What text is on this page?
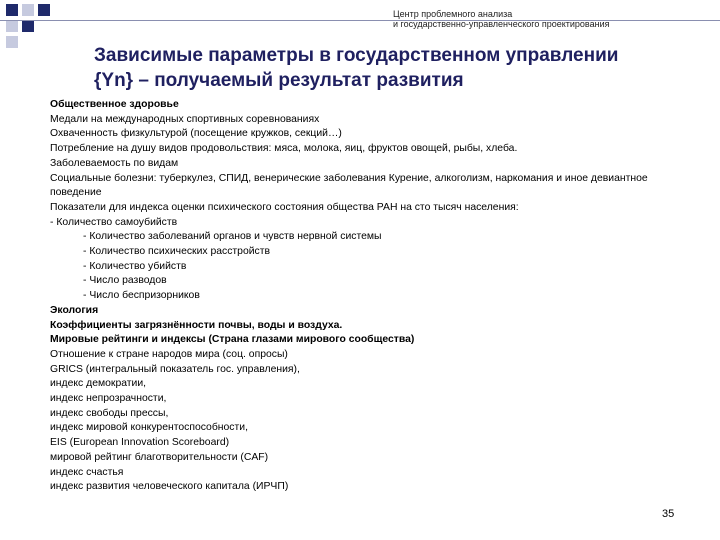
Центр проблемного анализа
и государственно-управленческого проектирования
Зависимые параметры в государственном управлении
{Yn} – получаемый результат развития
Общественное здоровье
Медали на международных спортивных соревнованиях
Охваченность физкультурой (посещение кружков, секций…)
Потребление на душу видов продовольствия: мяса, молока, яиц, фруктов овощей, рыбы, хлеба.
Заболеваемость по видам
Социальные болезни: туберкулез, СПИД, венерические заболевания Курение, алкоголизм, наркомания и иное девиантное поведение
Показатели для индекса оценки психического состояния общества РАН на сто тысяч населения:
- Количество самоубийств
- Количество заболеваний органов и чувств нервной системы
- Количество психических расстройств
- Количество убийств
- Число разводов
- Число беспризорников
Экология
Коэффициенты загрязнённости почвы, воды и воздуха.
Мировые рейтинги и индексы (Страна глазами мирового сообщества)
Отношение к стране народов мира (соц. опросы)
GRICS (интегральный показатель гос. управления),
индекс демократии,
индекс непрозрачности,
индекс свободы прессы,
индекс мировой конкурентоспособности,
EIS (European Innovation Scoreboard)
мировой рейтинг благотворительности (CAF)
индекс счастья
индекс развития человеческого капитала (ИРЧП)
35
